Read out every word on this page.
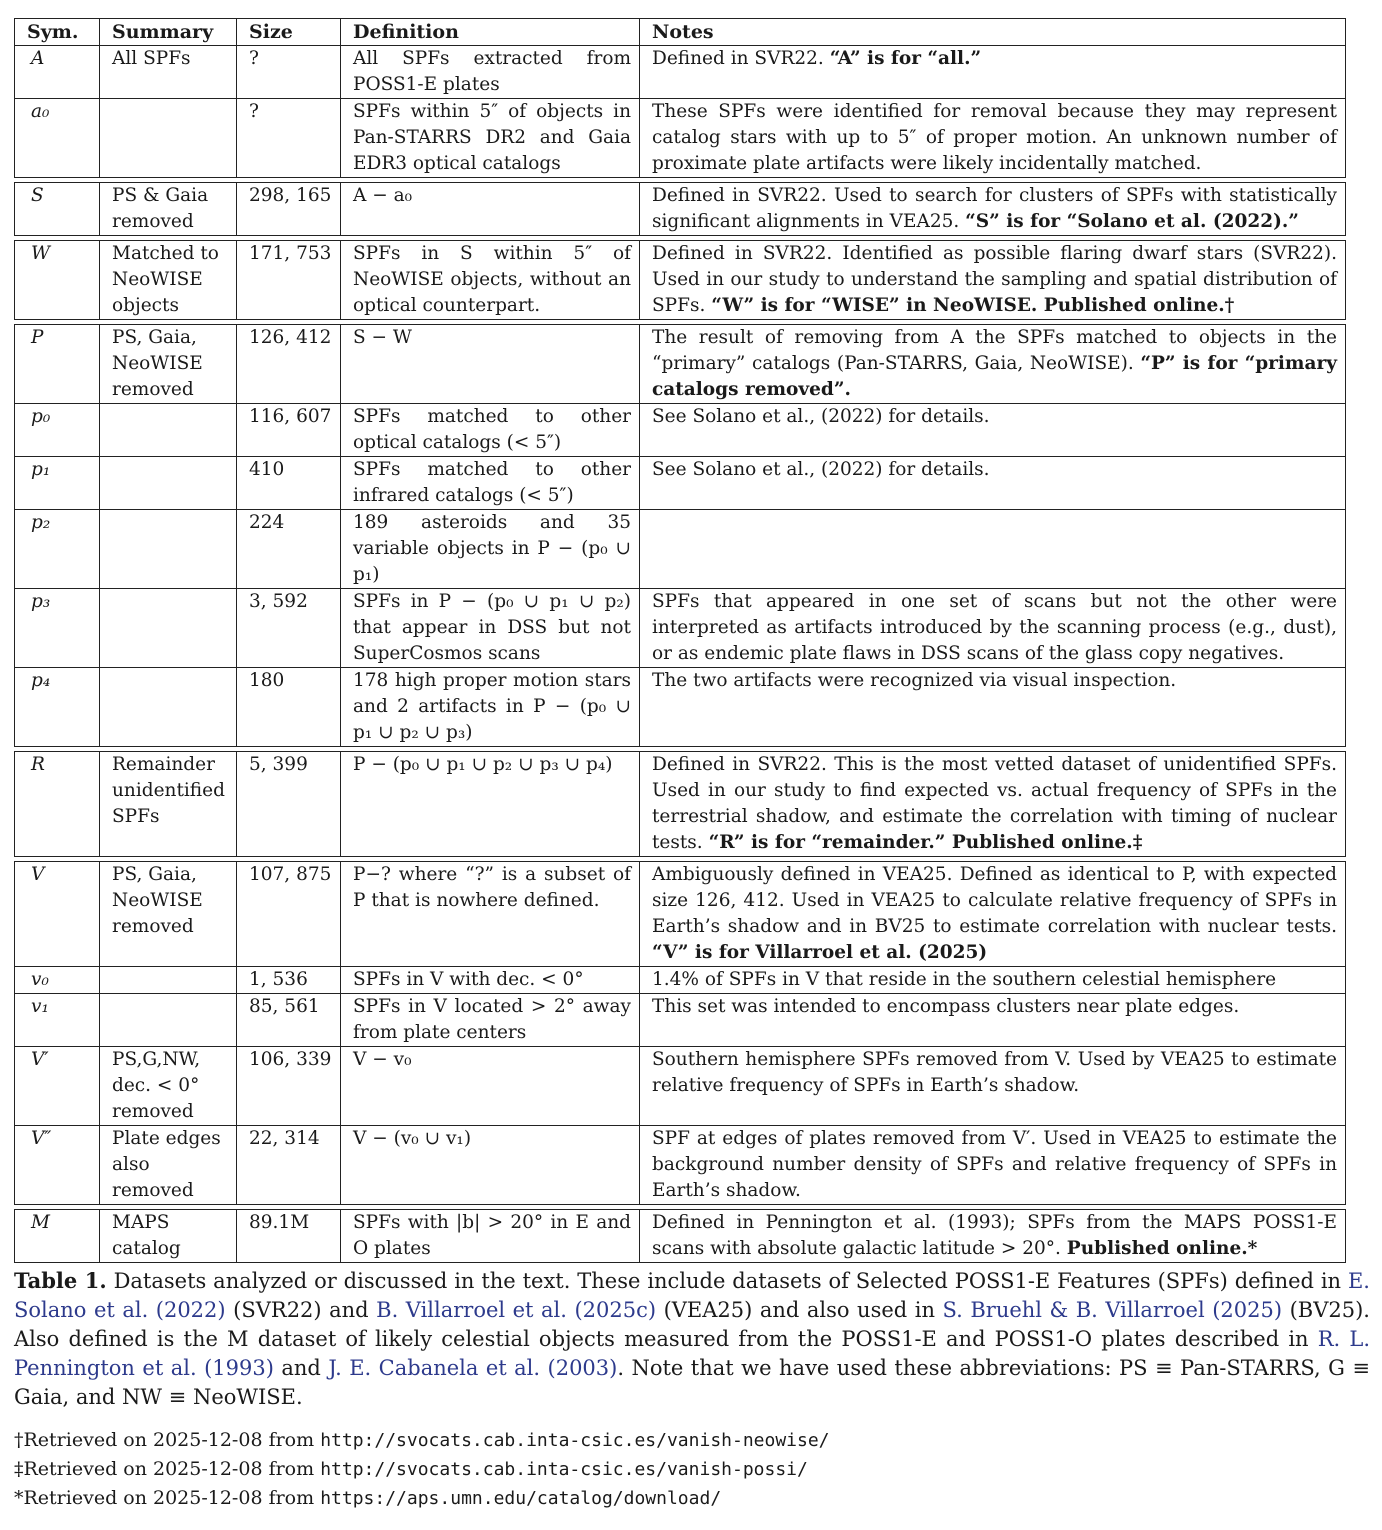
Sym.	Summary	Size	Definition	Notes
A	All SPFs	?	All SPFs extracted from POSS1-E plates	Defined in SVR22. “A” is for “all.”
a₀		?	SPFs within 5″ of objects in Pan-STARRS DR2 and Gaia EDR3 optical catalogs	These SPFs were identified for removal because they may represent catalog stars with up to 5″ of proper motion. An unknown number of proximate plate artifacts were likely incidentally matched.

S	PS & Gaia removed	298, 165	A − a₀	Defined in SVR22. Used to search for clusters of SPFs with statistically significant alignments in VEA25. “S” is for “Solano et al. (2022).”

W	Matched to NeoWISE objects	171, 753	SPFs in S within 5″ of NeoWISE objects, without an optical counterpart.	Defined in SVR22. Identified as possible flaring dwarf stars (SVR22). Used in our study to understand the sampling and spatial distribution of SPFs. “W” is for “WISE” in NeoWISE. Published online.†

P	PS, Gaia, NeoWISE removed	126, 412	S − W	The result of removing from A the SPFs matched to objects in the “primary” catalogs (Pan-STARRS, Gaia, NeoWISE). “P” is for “primary catalogs removed”.
p₀		116, 607	SPFs matched to other optical catalogs (< 5″)	See Solano et al., (2022) for details.
p₁		410	SPFs matched to other infrared catalogs (< 5″)	See Solano et al., (2022) for details.
p₂		224	189 asteroids and 35 variable objects in P − (p₀ ∪ p₁)	
p₃		3, 592	SPFs in P − (p₀ ∪ p₁ ∪ p₂) that appear in DSS but not SuperCosmos scans	SPFs that appeared in one set of scans but not the other were interpreted as artifacts introduced by the scanning process (e.g., dust), or as endemic plate flaws in DSS scans of the glass copy negatives.
p₄		180	178 high proper motion stars and 2 artifacts in P − (p₀ ∪ p₁ ∪ p₂ ∪ p₃)	The two artifacts were recognized via visual inspection.

R	Remainder unidentified SPFs	5, 399	P − (p₀ ∪ p₁ ∪ p₂ ∪ p₃ ∪ p₄)	Defined in SVR22. This is the most vetted dataset of unidentified SPFs. Used in our study to find expected vs. actual frequency of SPFs in the terrestrial shadow, and estimate the correlation with timing of nuclear tests. “R” is for “remainder.” Published online.‡

V	PS, Gaia, NeoWISE removed	107, 875	P−? where “?” is a subset of P that is nowhere defined.	Ambiguously defined in VEA25. Defined as identical to P, with expected size 126, 412. Used in VEA25 to calculate relative frequency of SPFs in Earth’s shadow and in BV25 to estimate correlation with nuclear tests. “V” is for Villarroel et al. (2025)
v₀		1, 536	SPFs in V with dec. < 0°	1.4% of SPFs in V that reside in the southern celestial hemisphere
v₁		85, 561	SPFs in V located > 2° away from plate centers	This set was intended to encompass clusters near plate edges.
V′	PS,G,NW, dec. < 0° removed	106, 339	V − v₀	Southern hemisphere SPFs removed from V. Used by VEA25 to estimate relative frequency of SPFs in Earth’s shadow.
V″	Plate edges also removed	22, 314	V − (v₀ ∪ v₁)	SPF at edges of plates removed from V′. Used in VEA25 to estimate the background number density of SPFs and relative frequency of SPFs in Earth’s shadow.

M	MAPS catalog	89.1M	SPFs with |b| > 20° in E and O plates	Defined in Pennington et al. (1993); SPFs from the MAPS POSS1-E scans with absolute galactic latitude > 20°. Published online.*
Table 1. Datasets analyzed or discussed in the text. These include datasets of Selected POSS1-E Features (SPFs) defined in E. Solano et al. (2022) (SVR22) and B. Villarroel et al. (2025c) (VEA25) and also used in S. Bruehl & B. Villarroel (2025) (BV25). Also defined is the M dataset of likely celestial objects measured from the POSS1-E and POSS1-O plates described in R. L. Pennington et al. (1993) and J. E. Cabanela et al. (2003). Note that we have used these abbreviations: PS ≡ Pan-STARRS, G ≡ Gaia, and NW ≡ NeoWISE.
†Retrieved on 2025-12-08 from http://svocats.cab.inta-csic.es/vanish-neowise/
‡Retrieved on 2025-12-08 from http://svocats.cab.inta-csic.es/vanish-possi/
*Retrieved on 2025-12-08 from https://aps.umn.edu/catalog/download/
